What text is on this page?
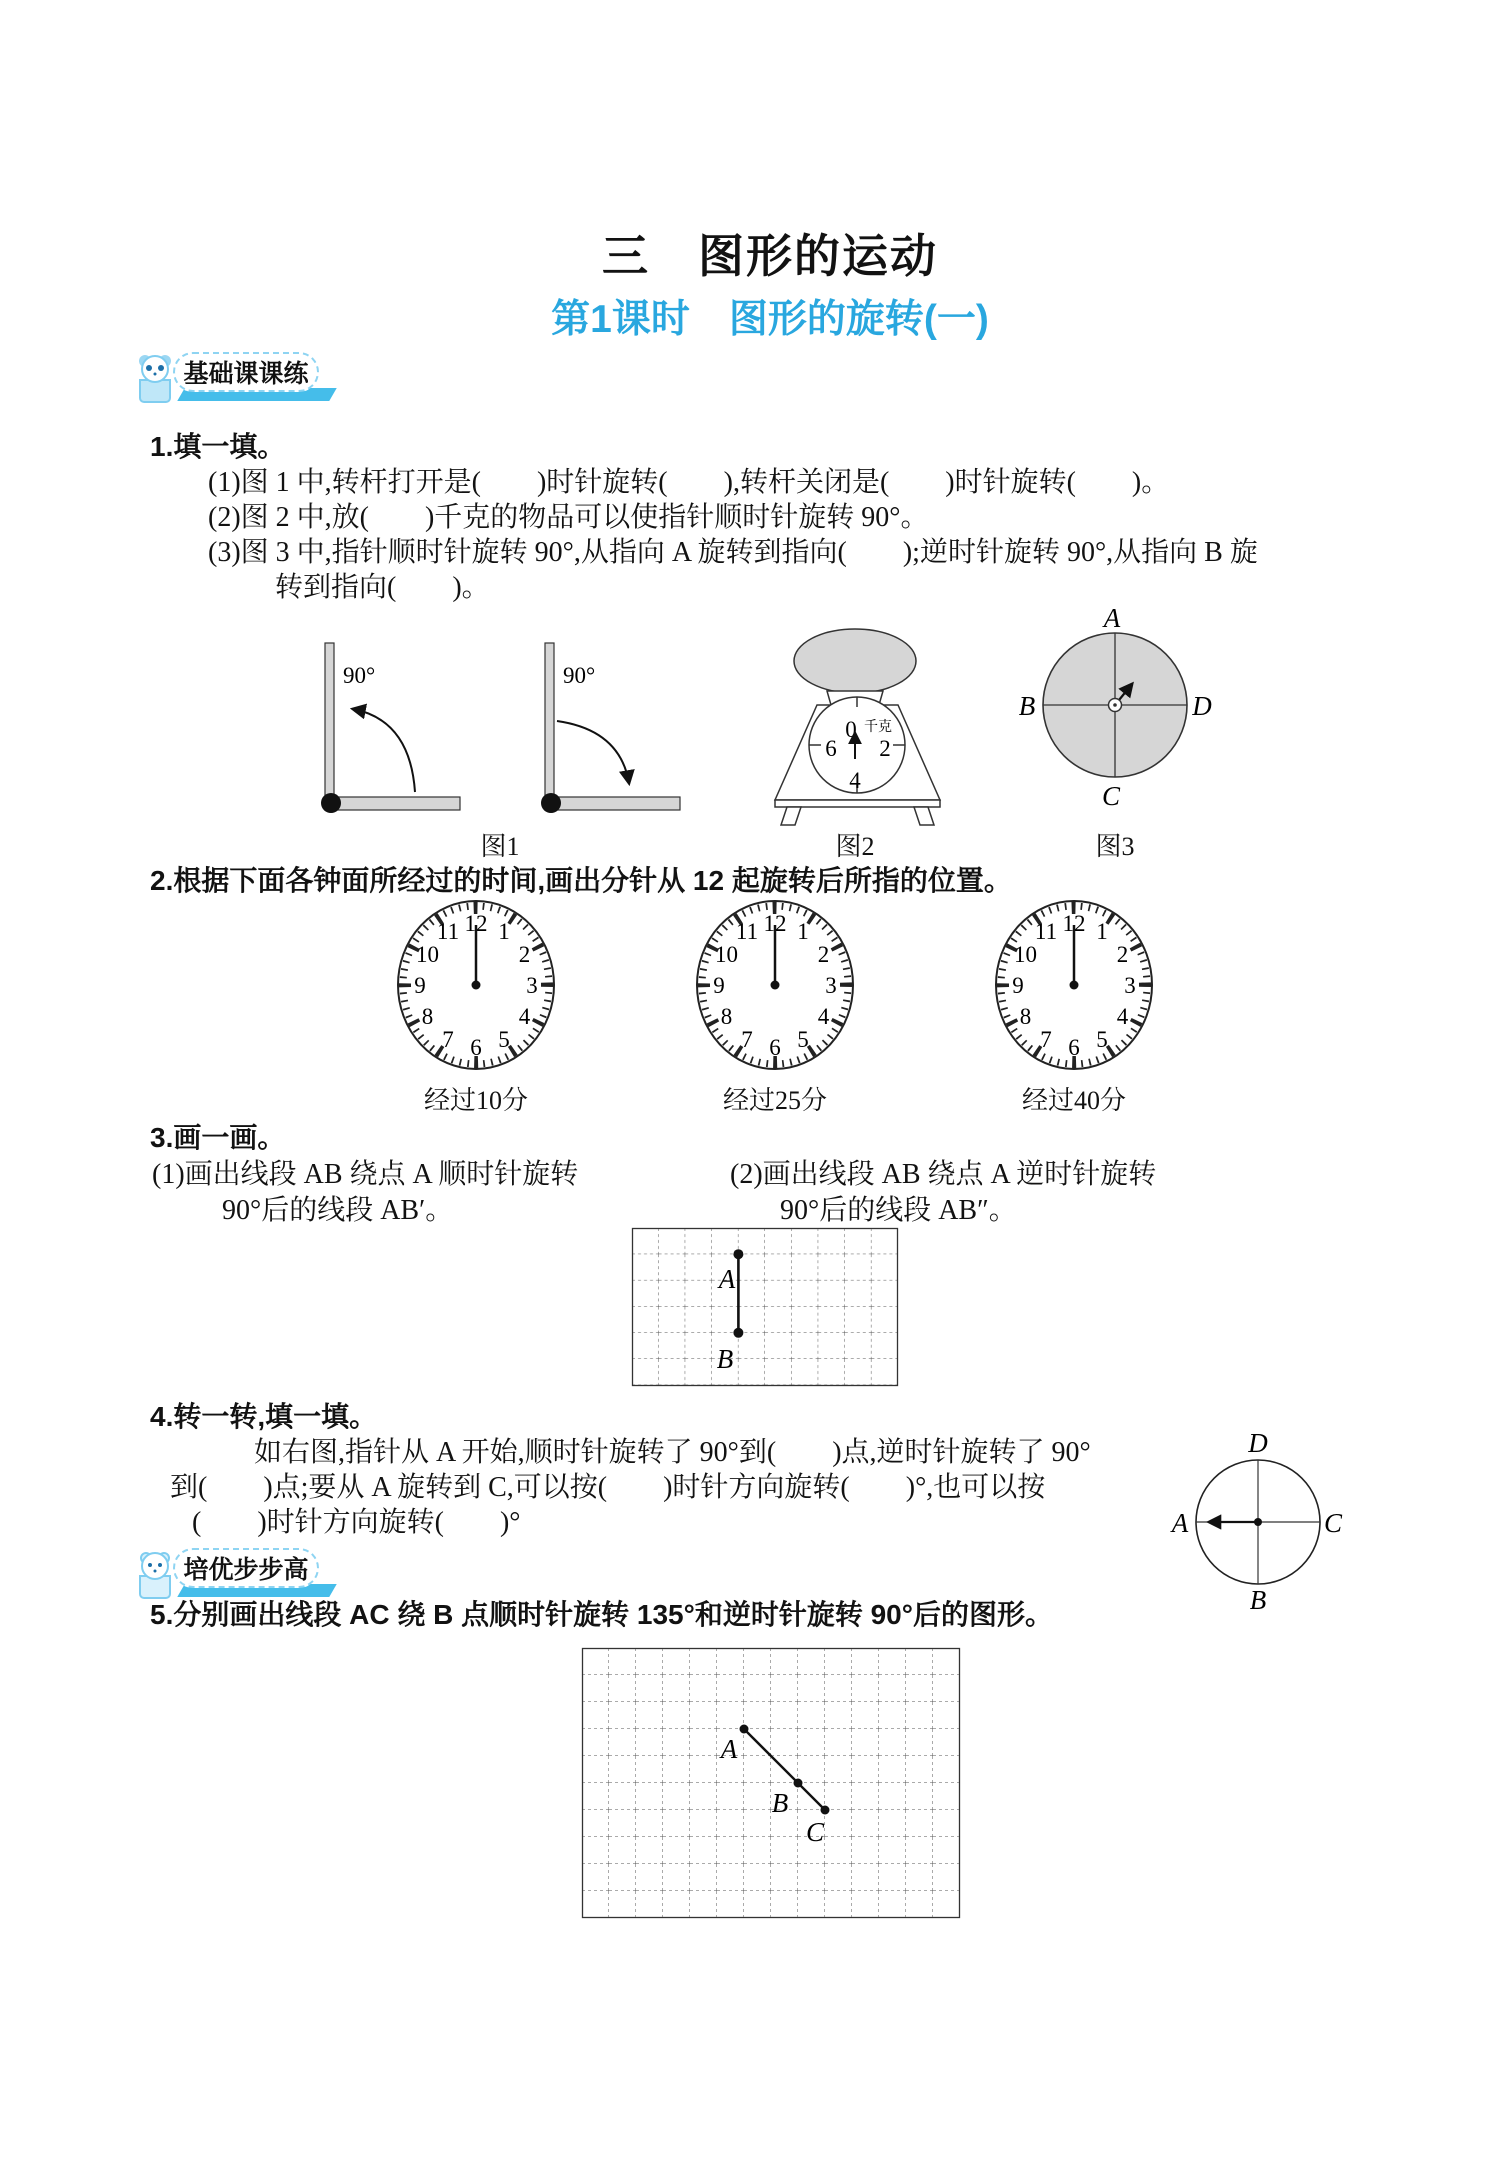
三　图形的运动
第1课时　图形的旋转(一)
基础课课练
1.填一填。
(1)图 1 中,转杆打开是(　　)时针旋转(　　),转杆关闭是(　　)时针旋转(　　)。
(2)图 2 中,放(　　)千克的物品可以使指针顺时针旋转 90°。
(3)图 3 中,指针顺时针旋转 90°,从指向 A 旋转到指向(　　);逆时针旋转 90°,从指向 B 旋
转到指向(　　)。
90°	90°
0 千克
6 2
4
A
B	D
C
图1	图2	图3
2.根据下面各钟面所经过的时间,画出分针从 12 起旋转后所指的位置。
1
2
3
4
5
6
7
8
9
10
11 12	1
2
3
4
5
6
7
8
9
10
11 12	1
2
3
4
5
6
7
8
9
10
11 12
经过10分	经过25分	经过40分
3.画一画。
(1)画出线段 AB 绕点 A 顺时针旋转
90°后的线段 AB′。
(2)画出线段 AB 绕点 A 逆时针旋转
90°后的线段 AB″。
A
B
4.转一转,填一填。
如右图,指针从 A 开始,顺时针旋转了 90°到(　　)点,逆时针旋转了 90°
到(　　)点;要从 A 旋转到 C,可以按(　　)时针方向旋转(　　)°,也可以按
(　　)时针方向旋转(　　)°
D
A	C
B
培优步步高
5.分别画出线段 AC 绕 B 点顺时针旋转 135°和逆时针旋转 90°后的图形。
A
B
C
